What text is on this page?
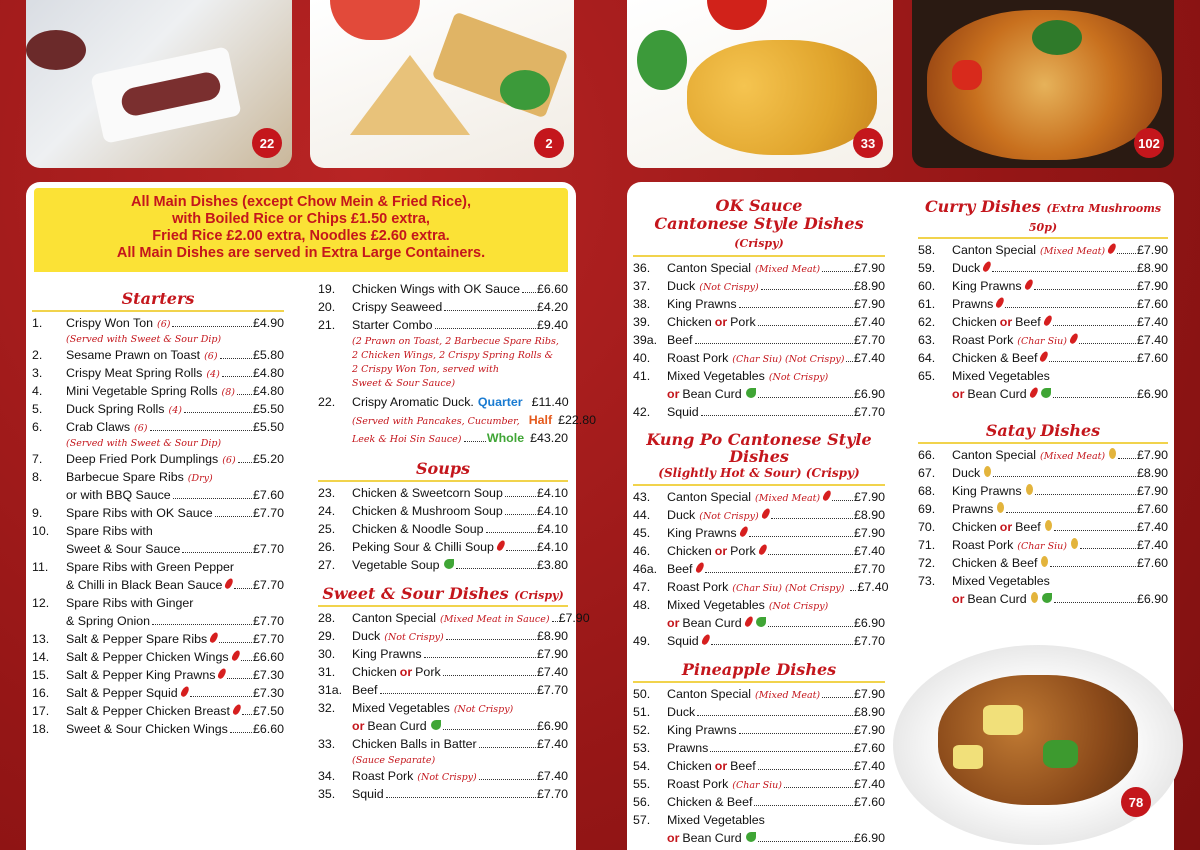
22	2	33	102
All Main Dishes (except Chow Mein & Fried Rice),
with Boiled Rice or Chips £1.50 extra,
Fried Rice £2.00 extra, Noodles £2.60 extra.
All Main Dishes are served in Extra Large Containers.
Starters
1.	Crispy Won Ton (6)	£4.90
(Served with Sweet & Sour Dip)
2.	Sesame Prawn on Toast (6)	£5.80
3.	Crispy Meat Spring Rolls (4)	£4.80
4.	Mini Vegetable Spring Rolls (8) £4.80
5.	Duck Spring Rolls (4)	£5.50
6.	Crab Claws (6)	£5.50
(Served with Sweet & Sour Dip)
7.	Deep Fried Pork Dumplings (6) £5.20
8.	Barbecue Spare Ribs (Dry)
or with BBQ Sauce	£7.60
9.	Spare Ribs with OK Sauce	£7.70
10.	Spare Ribs with
Sweet & Sour Sauce	£7.70
11.	Spare Ribs with Green Pepper
& Chilli in Black Bean Sauce £7.70
12.	Spare Ribs with Ginger
& Spring Onion	£7.70
13.	Salt & Pepper Spare Ribs	£7.70
14.	Salt & Pepper Chicken Wings £6.60
15.	Salt & Pepper King Prawns	£7.30
16.	Salt & Pepper Squid	£7.30
17.	Salt & Pepper Chicken Breast £7.50
18.	Sweet & Sour Chicken Wings £6.60
19.	Chicken Wings with OK Sauce £6.60
20.	Crispy Seaweed	£4.20
21.	Starter Combo	£9.40
(2 Prawn on Toast, 2 Barbecue Spare Ribs,
2 Chicken Wings, 2 Crispy Spring Rolls &
2 Crispy Won Ton, served with
Sweet & Sour Sauce)
22.	Crispy Aromatic Duck. Quarter £11.40
(Served with Pancakes, Cucumber, Half £22.80
Leek & Hoi Sin Sauce) Whole £43.20
Soups
23.	Chicken & Sweetcorn Soup	£4.10
24.	Chicken & Mushroom Soup	£4.10
25.	Chicken & Noodle Soup	£4.10
26.	Peking Sour & Chilli Soup	£4.10
27.	Vegetable Soup	£3.80
Sweet & Sour Dishes (Crispy)
28.	Canton Special (Mixed Meat in Sauce) £7.90
29.	Duck (Not Crispy)	£8.90
30.	King Prawns	£7.90
31.	Chicken or Pork	£7.40
31a. Beef	£7.70
32.	Mixed Vegetables (Not Crispy)
or Bean Curd	£6.90
33.	Chicken Balls in Batter	£7.40
(Sauce Separate)
34.	Roast Pork (Not Crispy)	£7.40
35.	Squid	£7.70
OK Sauce
Cantonese Style Dishes (Crispy)
36.	Canton Special (Mixed Meat)	£7.90
37.	Duck (Not Crispy)	£8.90
38.	King Prawns	£7.90
39.	Chicken or Pork	£7.40
39a. Beef	£7.70
40.	Roast Pork (Char Siu) (Not Crispy) £7.40
41.	Mixed Vegetables (Not Crispy)
or Bean Curd	£6.90
42.	Squid	£7.70
Kung Po Cantonese Style Dishes
(Slightly Hot & Sour) (Crispy)
43.	Canton Special (Mixed Meat)	£7.90
44.	Duck (Not Crispy)	£8.90
45.	King Prawns	£7.90
46.	Chicken or Pork	£7.40
46a. Beef	£7.70
47.	Roast Pork (Char Siu) (Not Crispy) £7.40
48.	Mixed Vegetables (Not Crispy)
or Bean Curd	£6.90
49.	Squid	£7.70
Pineapple Dishes
50.	Canton Special (Mixed Meat)	£7.90
51.	Duck	£8.90
52.	King Prawns	£7.90
53.	Prawns	£7.60
54.	Chicken or Beef	£7.40
55.	Roast Pork (Char Siu)	£7.40
56.	Chicken & Beef	£7.60
57.	Mixed Vegetables
or Bean Curd	£6.90
Curry Dishes (Extra Mushrooms 50p)
58.	Canton Special (Mixed Meat)	£7.90
59.	Duck	£8.90
60.	King Prawns	£7.90
61.	Prawns	£7.60
62.	Chicken or Beef	£7.40
63.	Roast Pork (Char Siu)	£7.40
64.	Chicken & Beef	£7.60
65.	Mixed Vegetables
or Bean Curd	£6.90
Satay Dishes
66.	Canton Special (Mixed Meat)	£7.90
67.	Duck	£8.90
68.	King Prawns	£7.90
69.	Prawns	£7.60
70.	Chicken or Beef	£7.40
71.	Roast Pork (Char Siu)	£7.40
72.	Chicken & Beef	£7.60
73.	Mixed Vegetables
or Bean Curd	£6.90
78
